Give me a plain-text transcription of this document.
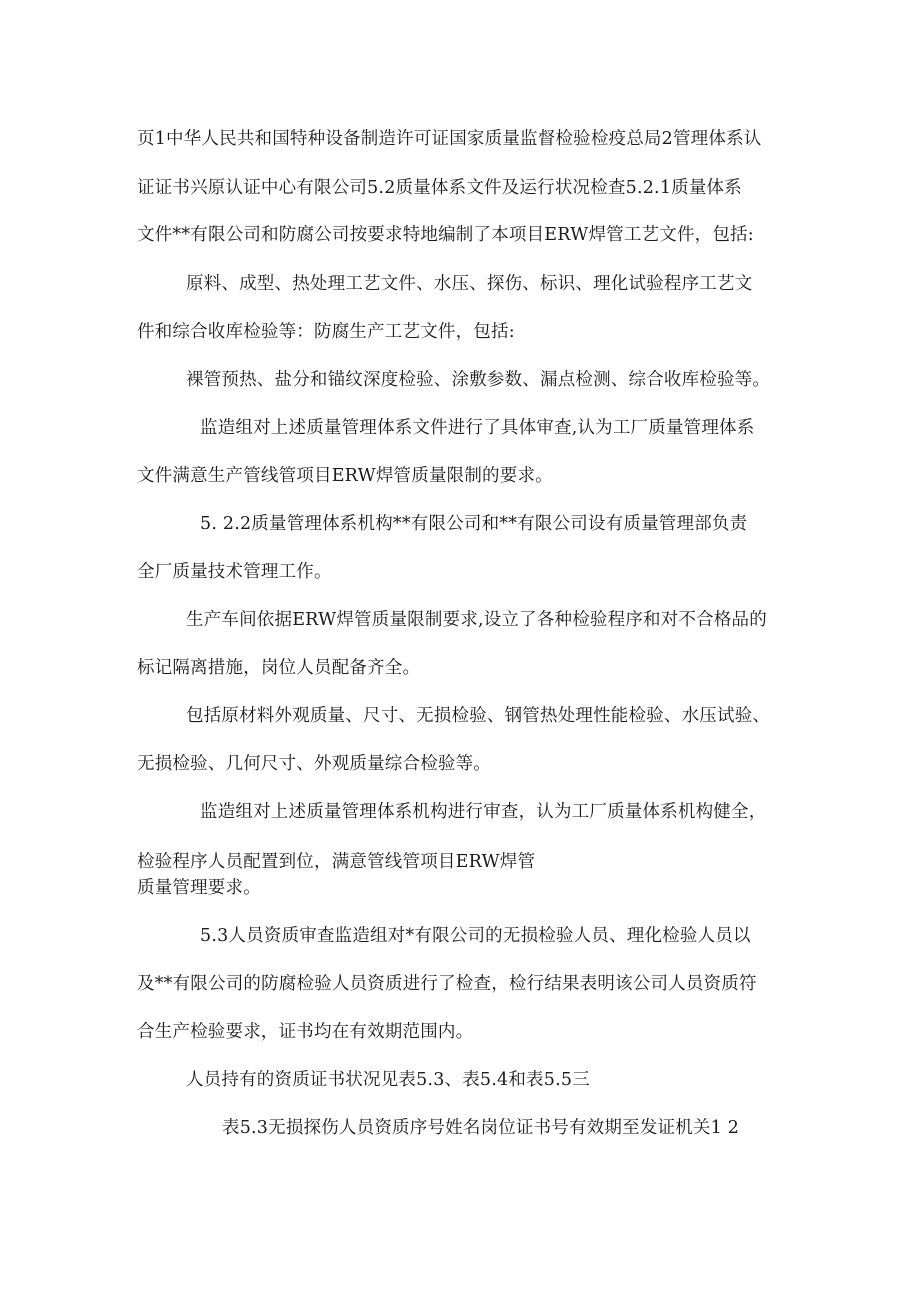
页1中华人民共和国特种设备制造许可证国家质量监督检验检疫总局2管理体系认
证证书兴原认证中心有限公司5.2质量体系文件及运行状况检查5.2.1质量体系
文件**有限公司和防腐公司按要求特地编制了本项目ERW焊管工艺文件，包括:
原料、成型、热处理工艺文件、水压、探伤、标识、理化试验程序工艺文
件和综合收库检验等：防腐生产工艺文件，包括:
裸管预热、盐分和锚纹深度检验、涂敷参数、漏点检测、综合收库检验等。
监造组对上述质量管理体系文件进行了具体审查,认为工厂质量管理体系
文件满意生产管线管项目ERW焊管质量限制的要求。
5. 2.2质量管理体系机构**有限公司和**有限公司设有质量管理部负责
全厂质量技术管理工作。
生产车间依据ERW焊管质量限制要求,设立了各种检验程序和对不合格品的
标记隔离措施，岗位人员配备齐全。
包括原材料外观质量、尺寸、无损检验、钢管热处理性能检验、水压试验、
无损检验、几何尺寸、外观质量综合检验等。
监造组对上述质量管理体系机构进行审查，认为工厂质量体系机构健全，
检验程序人员配置到位，满意管线管项目ERW焊管
质量管理要求。
5.3人员资质审查监造组对*有限公司的无损检验人员、理化检验人员以
及**有限公司的防腐检验人员资质进行了检查，检行结果表明该公司人员资质符
合生产检验要求，证书均在有效期范围内。
人员持有的资质证书状况见表5.3、表5.4和表5.5三
表5.3无损探伤人员资质序号姓名岗位证书号有效期至发证机关1 2
